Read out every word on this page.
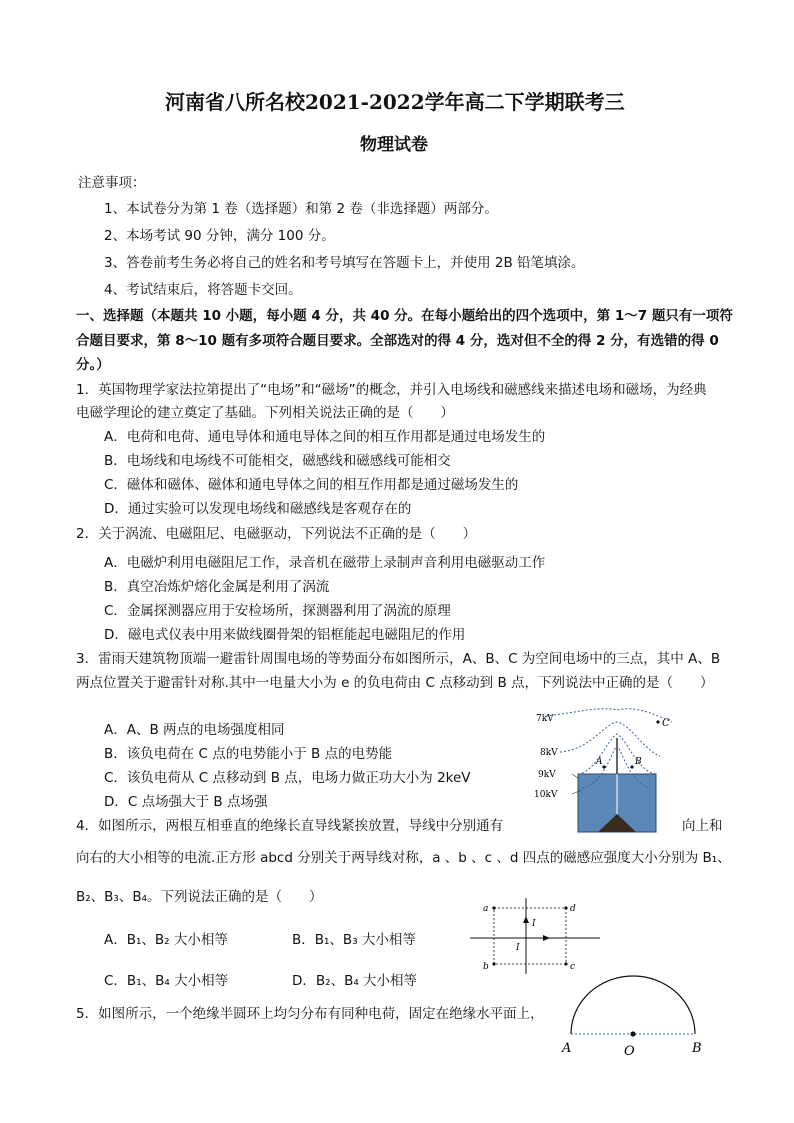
河南省八所名校2021-2022学年高二下学期联考三
物理试卷
注意事项：
1、本试卷分为第 1 卷（选择题）和第 2 卷（非选择题）两部分。
2、本场考试 90 分钟，满分 100 分。
3、答卷前考生务必将自己的姓名和考号填写在答题卡上，并使用 2B 铅笔填涂。
4、考试结束后，将答题卡交回。
一、选择题（本题共 10 小题，每小题 4 分，共 40 分。在每小题给出的四个选项中，第 1～7 题只有一项符
合题目要求，第 8～10 题有多项符合题目要求。全部选对的得 4 分，选对但不全的得 2 分，有选错的得 0
分。）
1．英国物理学家法拉第提出了“电场”和“磁场”的概念，并引入电场线和磁感线来描述电场和磁场，为经典
电磁学理论的建立奠定了基础。下列相关说法正确的是（　　）
A．电荷和电荷、通电导体和通电导体之间的相互作用都是通过电场发生的
B．电场线和电场线不可能相交，磁感线和磁感线可能相交
C．磁体和磁体、磁体和通电导体之间的相互作用都是通过磁场发生的
D．通过实验可以发现电场线和磁感线是客观存在的
2．关于涡流、电磁阻尼、电磁驱动，下列说法不正确的是（　　）
A．电磁炉利用电磁阻尼工作，录音机在磁带上录制声音利用电磁驱动工作
B．真空冶炼炉熔化金属是利用了涡流
C．金属探测器应用于安检场所，探测器利用了涡流的原理
D．磁电式仪表中用来做线圈骨架的铝框能起电磁阻尼的作用
3．雷雨天建筑物顶端一避雷针周围电场的等势面分布如图所示，A、B、C 为空间电场中的三点，其中 A、B
两点位置关于避雷针对称.其中一电量大小为 e 的负电荷由 C 点移动到 B 点，下列说法中正确的是（　　）
A．A、B 两点的电场强度相同
B．该负电荷在 C 点的电势能小于 B 点的电势能
C．该负电荷从 C 点移动到 B 点，电场力做正功大小为 2keV
D．C 点场强大于 B 点场强
7kV
8kV
9kV
10kV
A	B
C
4．如图所示，两根互相垂直的绝缘长直导线紧挨放置，导线中分别通有	向上和
向右的大小相等的电流.正方形 abcd 分别关于两导线对称，a 、b 、c 、d 四点的磁感应强度大小分别为 B₁、
B₂、B₃、B₄。下列说法正确的是（　　）
A．B₁、B₂ 大小相等	B．B₁、B₃ 大小相等
C．B₁、B₄ 大小相等	D．B₂、B₄ 大小相等
a
b	c
d
I
I
5．如图所示，一个绝缘半圆环上均匀分布有同种电荷，固定在绝缘水平面上，
A	O	B
